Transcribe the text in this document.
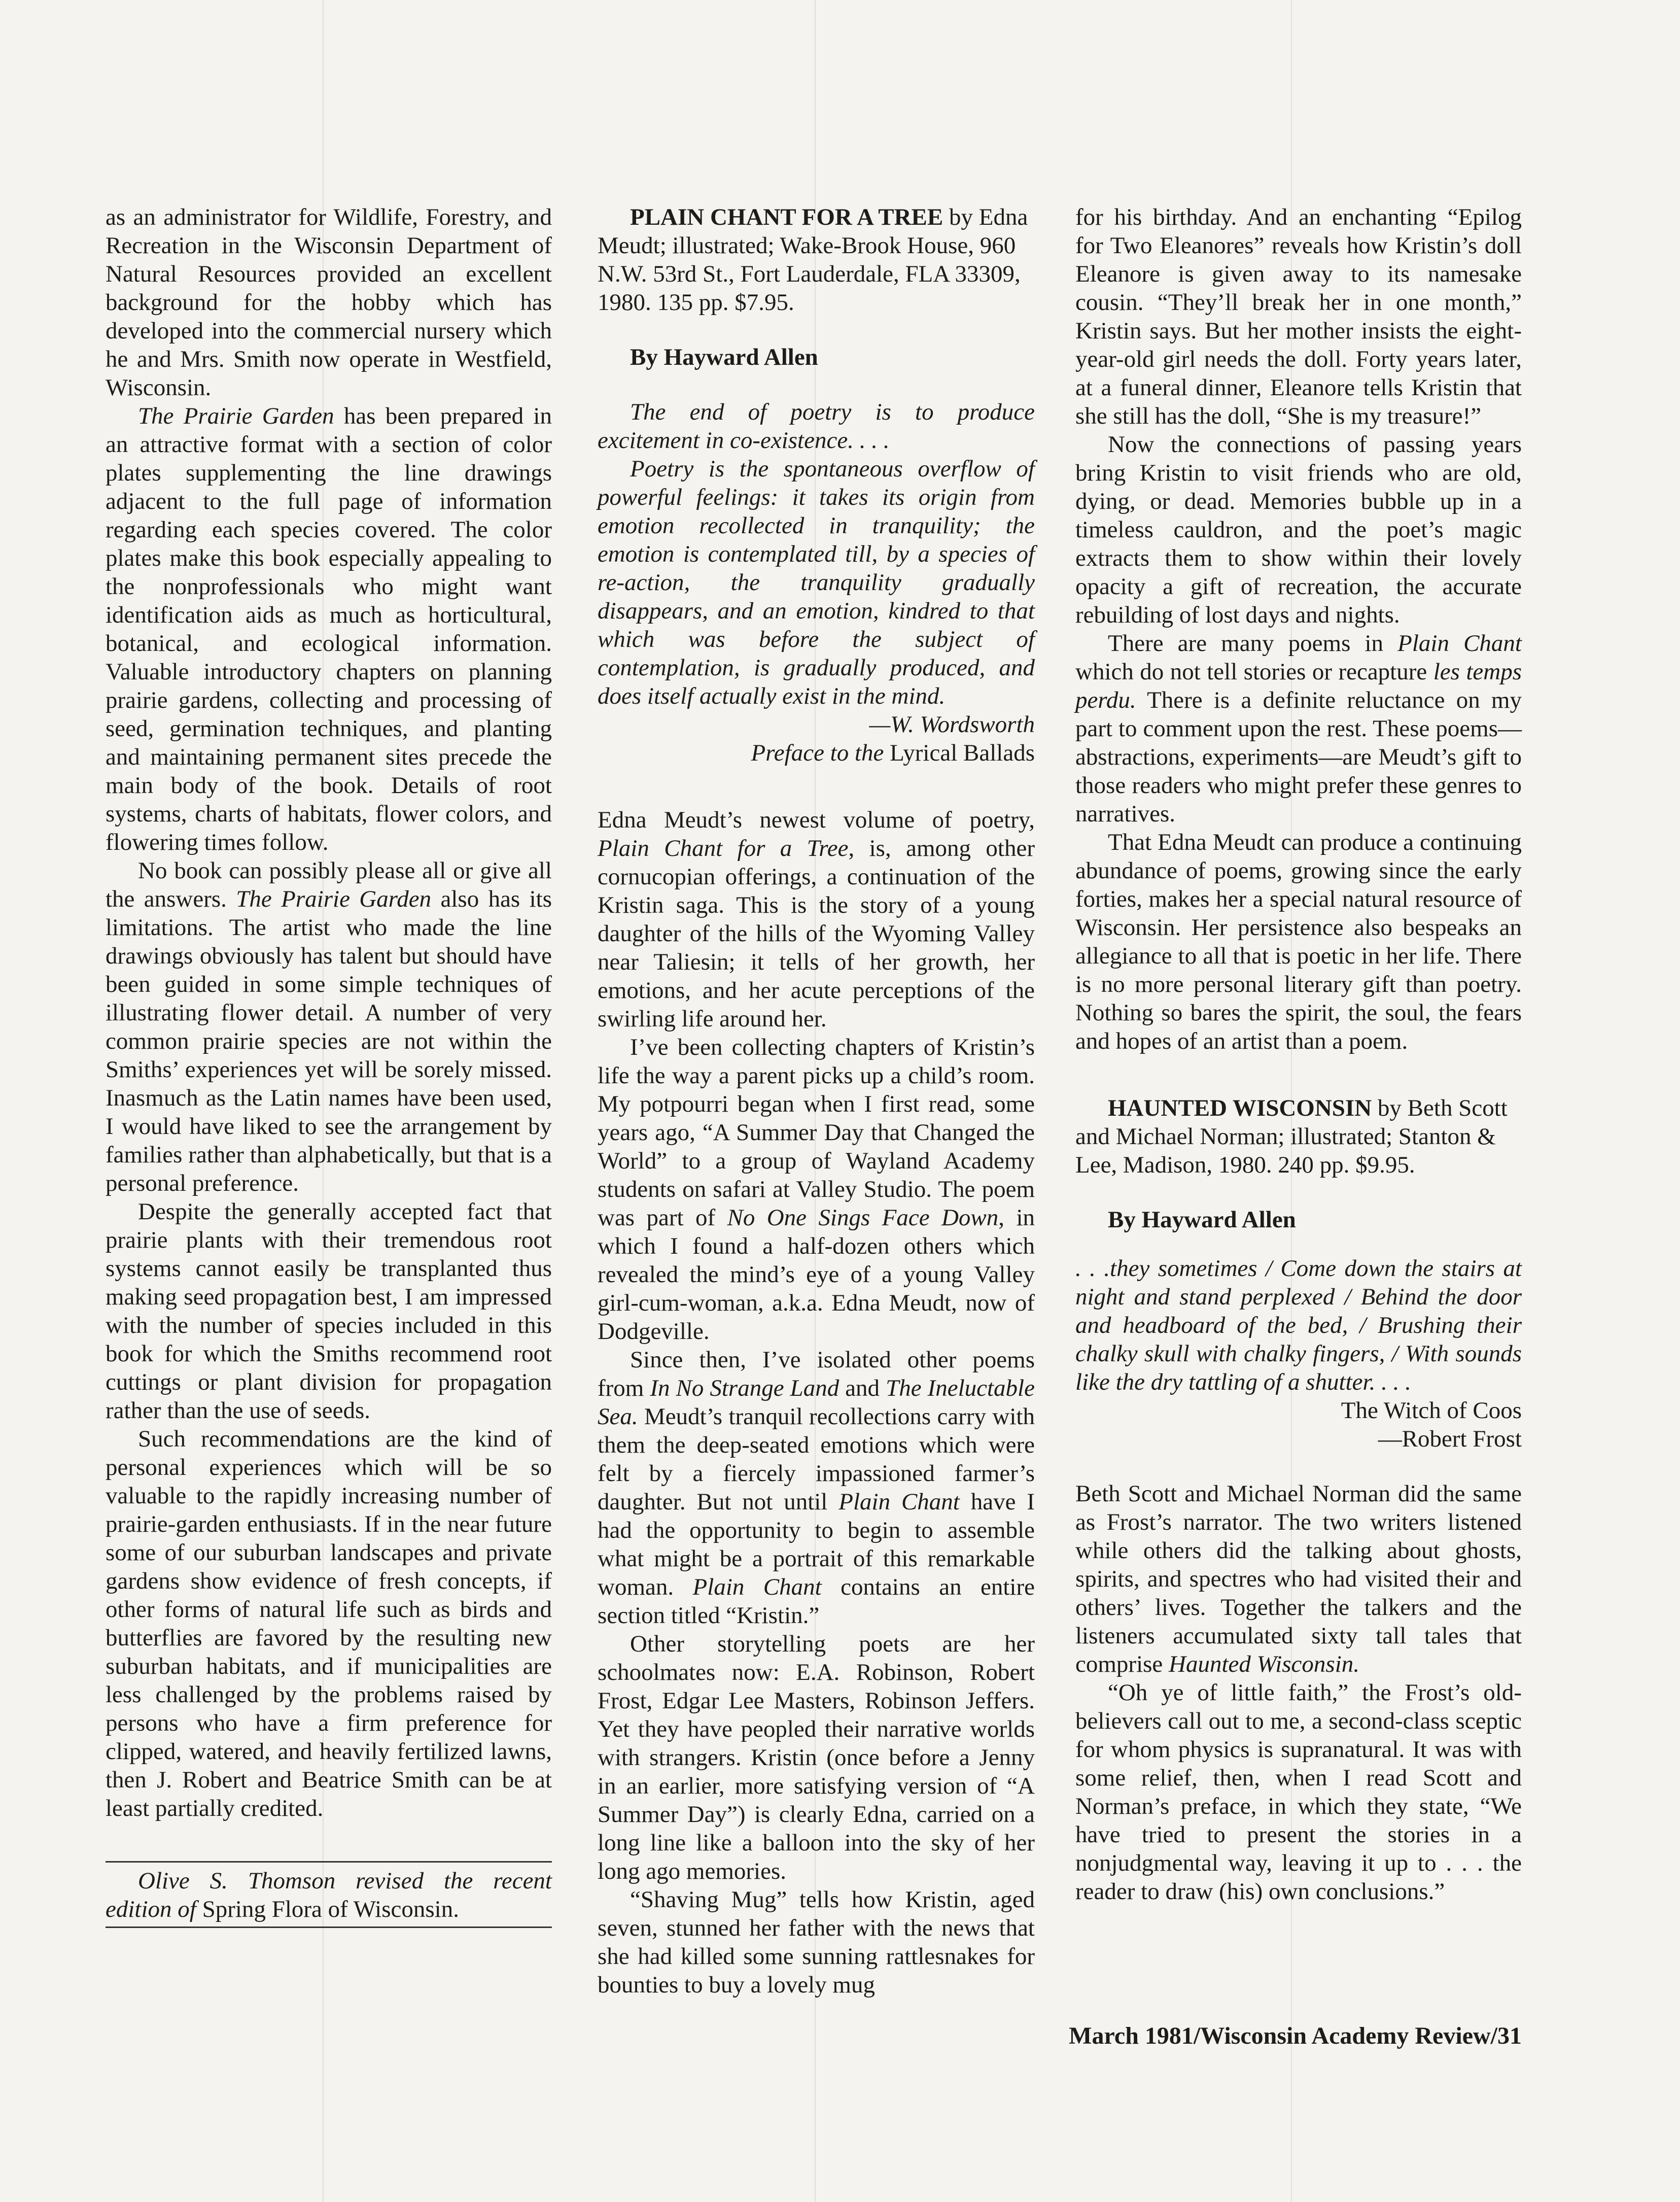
as an administrator for Wildlife, Forestry, and Recreation in the Wisconsin Department of Natural Resources provided an excellent background for the hobby which has developed into the commercial nursery which he and Mrs. Smith now operate in Westfield, Wisconsin.

The Prairie Garden has been prepared in an attractive format with a section of color plates supplementing the line drawings adjacent to the full page of information regarding each species covered. The color plates make this book especially appealing to the nonprofessionals who might want identification aids as much as horticultural, botanical, and ecological information. Valuable introductory chapters on planning prairie gardens, collecting and processing of seed, germination techniques, and planting and maintaining permanent sites precede the main body of the book. Details of root systems, charts of habitats, flower colors, and flowering times follow.

No book can possibly please all or give all the answers. The Prairie Garden also has its limitations. The artist who made the line drawings obviously has talent but should have been guided in some simple techniques of illustrating flower detail. A number of very common prairie species are not within the Smiths’ experiences yet will be sorely missed. Inasmuch as the Latin names have been used, I would have liked to see the arrangement by families rather than alphabetically, but that is a personal preference.

Despite the generally accepted fact that prairie plants with their tremendous root systems cannot easily be transplanted thus making seed propagation best, I am impressed with the number of species included in this book for which the Smiths recommend root cuttings or plant division for propagation rather than the use of seeds.

Such recommendations are the kind of personal experiences which will be so valuable to the rapidly increasing number of prairie-garden enthusiasts. If in the near future some of our suburban landscapes and private gardens show evidence of fresh concepts, if other forms of natural life such as birds and butterflies are favored by the resulting new suburban habitats, and if municipalities are less challenged by the problems raised by persons who have a firm preference for clipped, watered, and heavily fertilized lawns, then J. Robert and Beatrice Smith can be at least partially credited.

Olive S. Thomson revised the recent edition of Spring Flora of Wisconsin.

PLAIN CHANT FOR A TREE by Edna Meudt; illustrated; Wake-Brook House, 960 N.W. 53rd St., Fort Lauderdale, FLA 33309, 1980. 135 pp. $7.95.

By Hayward Allen

The end of poetry is to produce excitement in co-existence. . . .

Poetry is the spontaneous overflow of powerful feelings: it takes its origin from emotion recollected in tranquility; the emotion is contemplated till, by a species of re-action, the tranquility gradually disappears, and an emotion, kindred to that which was before the subject of contemplation, is gradually produced, and does itself actually exist in the mind.

—W. Wordsworth

Preface to the Lyrical Ballads

Edna Meudt’s newest volume of poetry, Plain Chant for a Tree, is, among other cornucopian offerings, a continuation of the Kristin saga. This is the story of a young daughter of the hills of the Wyoming Valley near Taliesin; it tells of her growth, her emotions, and her acute perceptions of the swirling life around her.

I’ve been collecting chapters of Kristin’s life the way a parent picks up a child’s room. My potpourri began when I first read, some years ago, “A Summer Day that Changed the World” to a group of Wayland Academy students on safari at Valley Studio. The poem was part of No One Sings Face Down, in which I found a half-dozen others which revealed the mind’s eye of a young Valley girl-cum-woman, a.k.a. Edna Meudt, now of Dodgeville.

Since then, I’ve isolated other poems from In No Strange Land and The Ineluctable Sea. Meudt’s tranquil recollections carry with them the deep-seated emotions which were felt by a fiercely impassioned farmer’s daughter. But not until Plain Chant have I had the opportunity to begin to assemble what might be a portrait of this remarkable woman. Plain Chant contains an entire section titled “Kristin.”

Other storytelling poets are her schoolmates now: E.A. Robinson, Robert Frost, Edgar Lee Masters, Robinson Jeffers. Yet they have peopled their narrative worlds with strangers. Kristin (once before a Jenny in an earlier, more satisfying version of “A Summer Day”) is clearly Edna, carried on a long line like a balloon into the sky of her long ago memories.

“Shaving Mug” tells how Kristin, aged seven, stunned her father with the news that she had killed some sunning rattlesnakes for bounties to buy a lovely mug

for his birthday. And an enchanting “Epilog for Two Eleanores” reveals how Kristin’s doll Eleanore is given away to its namesake cousin. “They’ll break her in one month,” Kristin says. But her mother insists the eight-year-old girl needs the doll. Forty years later, at a funeral dinner, Eleanore tells Kristin that she still has the doll, “She is my treasure!”

Now the connections of passing years bring Kristin to visit friends who are old, dying, or dead. Memories bubble up in a timeless cauldron, and the poet’s magic extracts them to show within their lovely opacity a gift of recreation, the accurate rebuilding of lost days and nights.

There are many poems in Plain Chant which do not tell stories or recapture les temps perdu. There is a definite reluctance on my part to comment upon the rest. These poems—abstractions, experiments—are Meudt’s gift to those readers who might prefer these genres to narratives.

That Edna Meudt can produce a continuing abundance of poems, growing since the early forties, makes her a special natural resource of Wisconsin. Her persistence also bespeaks an allegiance to all that is poetic in her life. There is no more personal literary gift than poetry. Nothing so bares the spirit, the soul, the fears and hopes of an artist than a poem.

HAUNTED WISCONSIN by Beth Scott and Michael Norman; illustrated; Stanton & Lee, Madison, 1980. 240 pp. $9.95.

By Hayward Allen

. . .they sometimes / Come down the stairs at night and stand perplexed / Behind the door and headboard of the bed, / Brushing their chalky skull with chalky fingers, / With sounds like the dry tattling of a shutter. . . .

The Witch of Coos

—Robert Frost

Beth Scott and Michael Norman did the same as Frost’s narrator. The two writers listened while others did the talking about ghosts, spirits, and spectres who had visited their and others’ lives. Together the talkers and the listeners accumulated sixty tall tales that comprise Haunted Wisconsin.

“Oh ye of little faith,” the Frost’s old-believers call out to me, a second-class sceptic for whom physics is supranatural. It was with some relief, then, when I read Scott and Norman’s preface, in which they state, “We have tried to present the stories in a nonjudgmental way, leaving it up to . . . the reader to draw (his) own conclusions.”

March 1981/Wisconsin Academy Review/31
